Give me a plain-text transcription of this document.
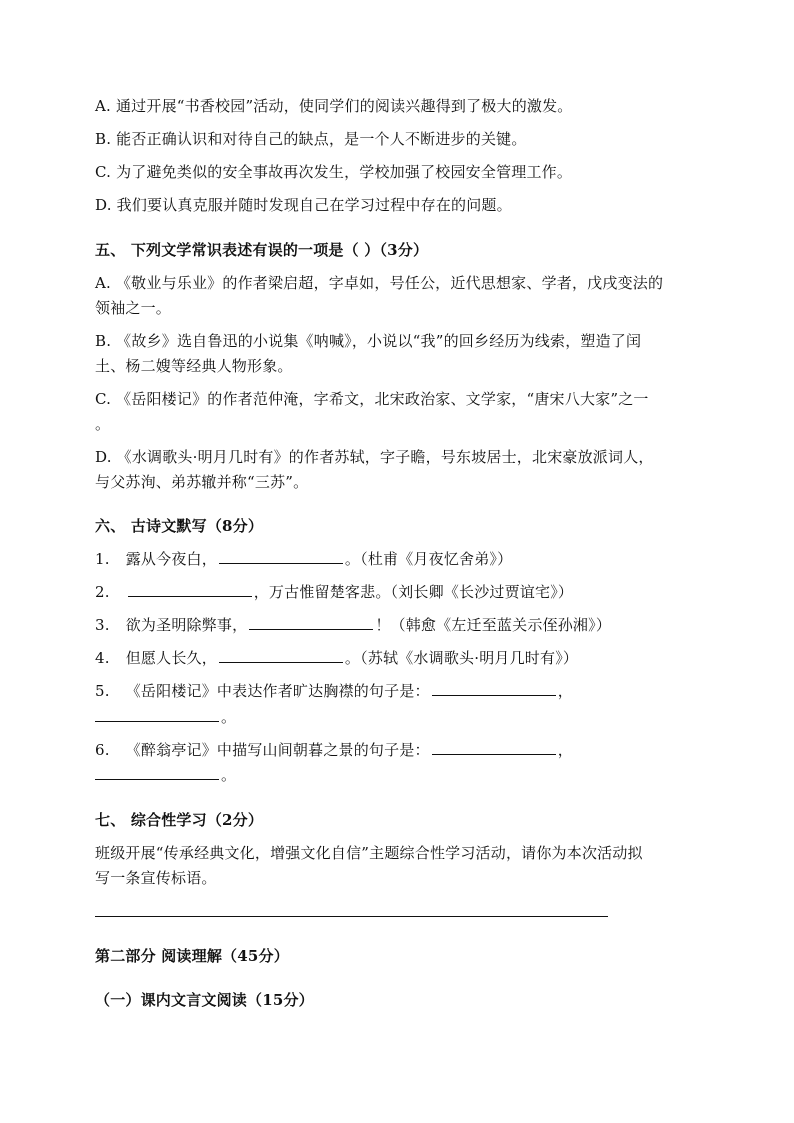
A. 通过开展“书香校园”活动，使同学们的阅读兴趣得到了极大的激发。
B. 能否正确认识和对待自己的缺点，是一个人不断进步的关键。
C. 为了避免类似的安全事故再次发生，学校加强了校园安全管理工作。
D. 我们要认真克服并随时发现自己在学习过程中存在的问题。
五、 下列文学常识表述有误的一项是（ ）（3分）
A. 《敬业与乐业》的作者梁启超，字卓如，号任公，近代思想家、学者，戊戌变法的
领袖之一。
B. 《故乡》选自鲁迅的小说集《呐喊》，小说以“我”的回乡经历为线索，塑造了闰
土、杨二嫂等经典人物形象。
C. 《岳阳楼记》的作者范仲淹，字希文，北宋政治家、文学家，“唐宋八大家”之一
。
D. 《水调歌头·明月几时有》的作者苏轼，字子瞻，号东坡居士，北宋豪放派词人，
与父苏洵、弟苏辙并称“三苏”。
六、 古诗文默写（8分）
1. 露从今夜白，	。（杜甫《月夜忆舍弟》）
2.	，万古惟留楚客悲。（刘长卿《长沙过贾谊宅》）
3. 欲为圣明除弊事，	！（韩愈《左迁至蓝关示侄孙湘》）
4. 但愿人长久，	。（苏轼《水调歌头·明月几时有》）
5. 《岳阳楼记》中表达作者旷达胸襟的句子是：	，
。
6. 《醉翁亭记》中描写山间朝暮之景的句子是：	，
。
七、 综合性学习（2分）
班级开展“传承经典文化，增强文化自信”主题综合性学习活动，请你为本次活动拟
写一条宣传标语。
第二部分 阅读理解（45分）
（一）课内文言文阅读（15分）
